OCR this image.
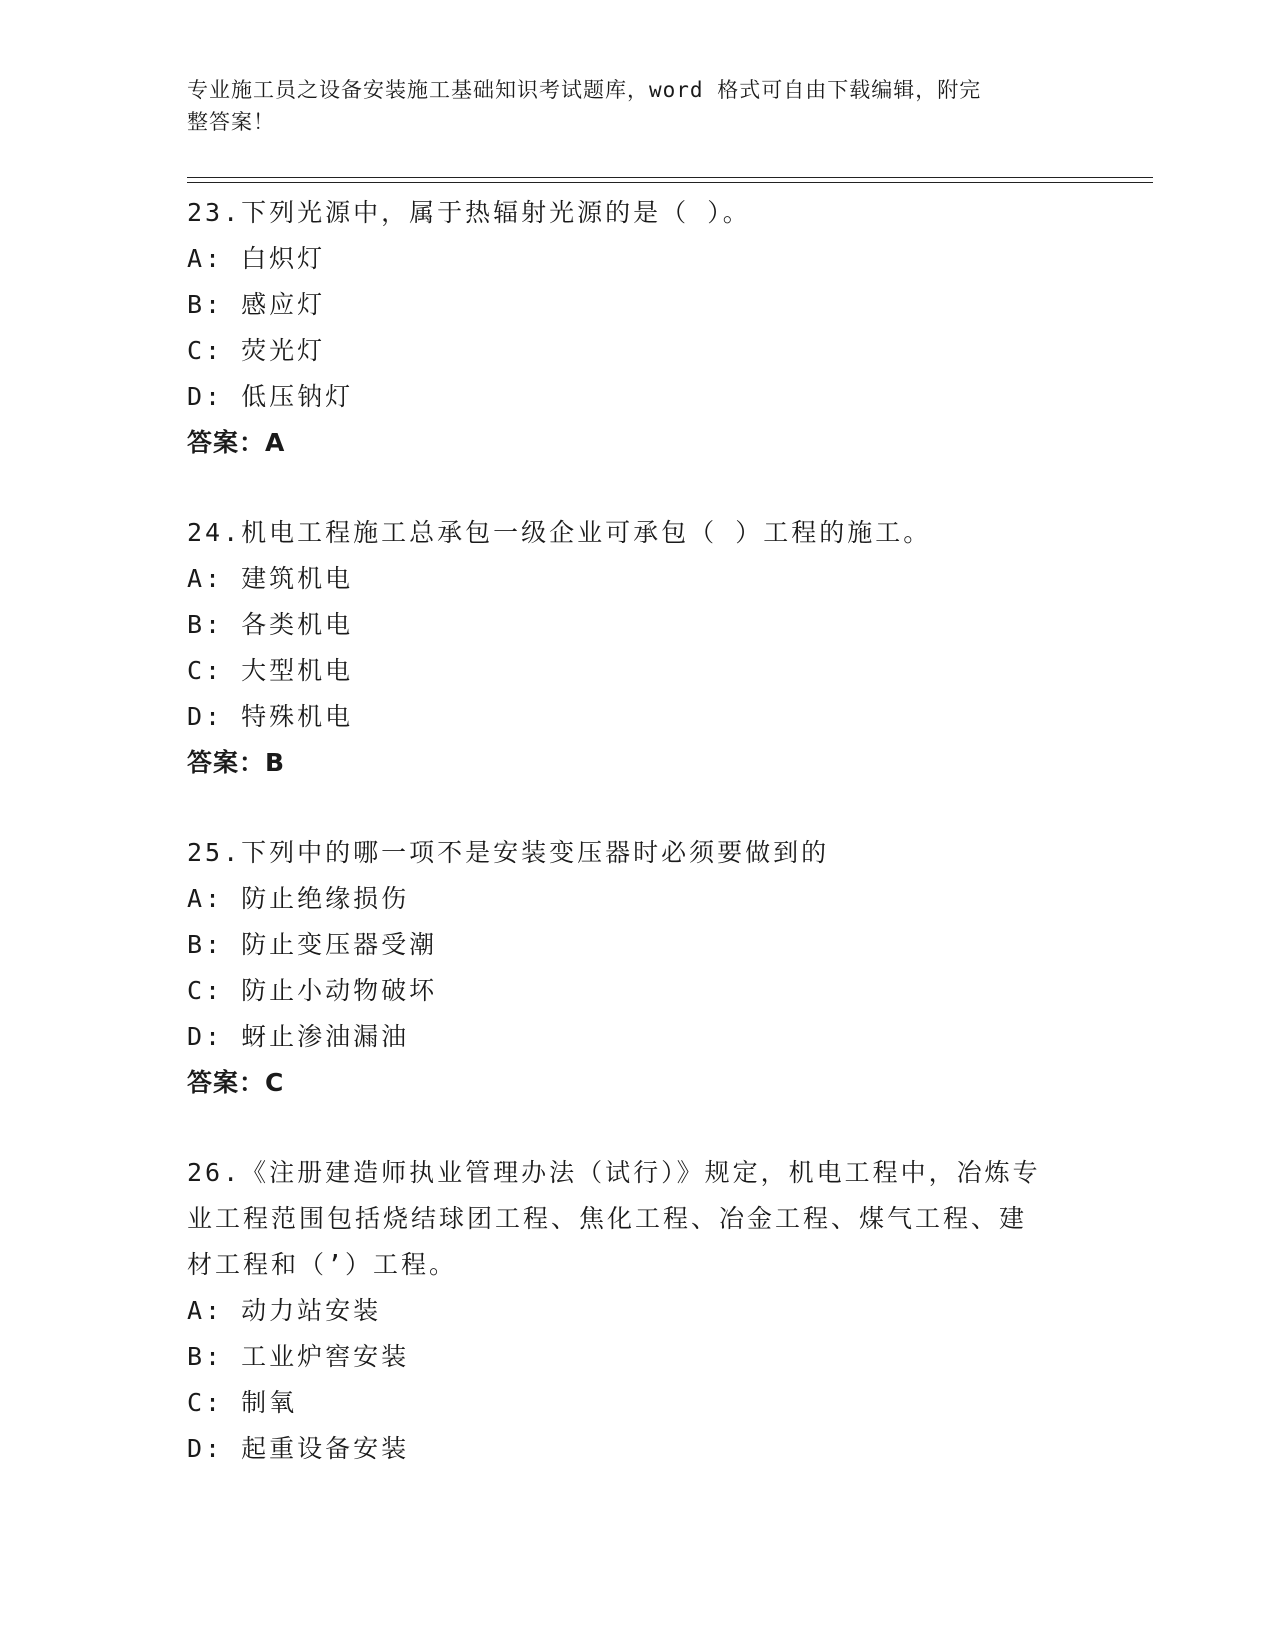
专业施工员之设备安装施工基础知识考试题库，word 格式可自由下载编辑，附完
整答案！
23.下列光源中，属于热辐射光源的是（ ）。
A: 白炽灯
B: 感应灯
C: 荧光灯
D: 低压钠灯
答案：A
24.机电工程施工总承包一级企业可承包（ ）工程的施工。
A: 建筑机电
B: 各类机电
C: 大型机电
D: 特殊机电
答案：B
25.下列中的哪一项不是安装变压器时必须要做到的
A: 防止绝缘损伤
B: 防止变压器受潮
C: 防止小动物破坏
D: 蚜止渗油漏油
答案：C
26.《注册建造师执业管理办法（试行）》规定，机电工程中，冶炼专
业工程范围包括烧结球团工程、焦化工程、冶金工程、煤气工程、建
材工程和（’）工程。
A: 动力站安装
B: 工业炉窖安装
C: 制氧
D: 起重设备安装
